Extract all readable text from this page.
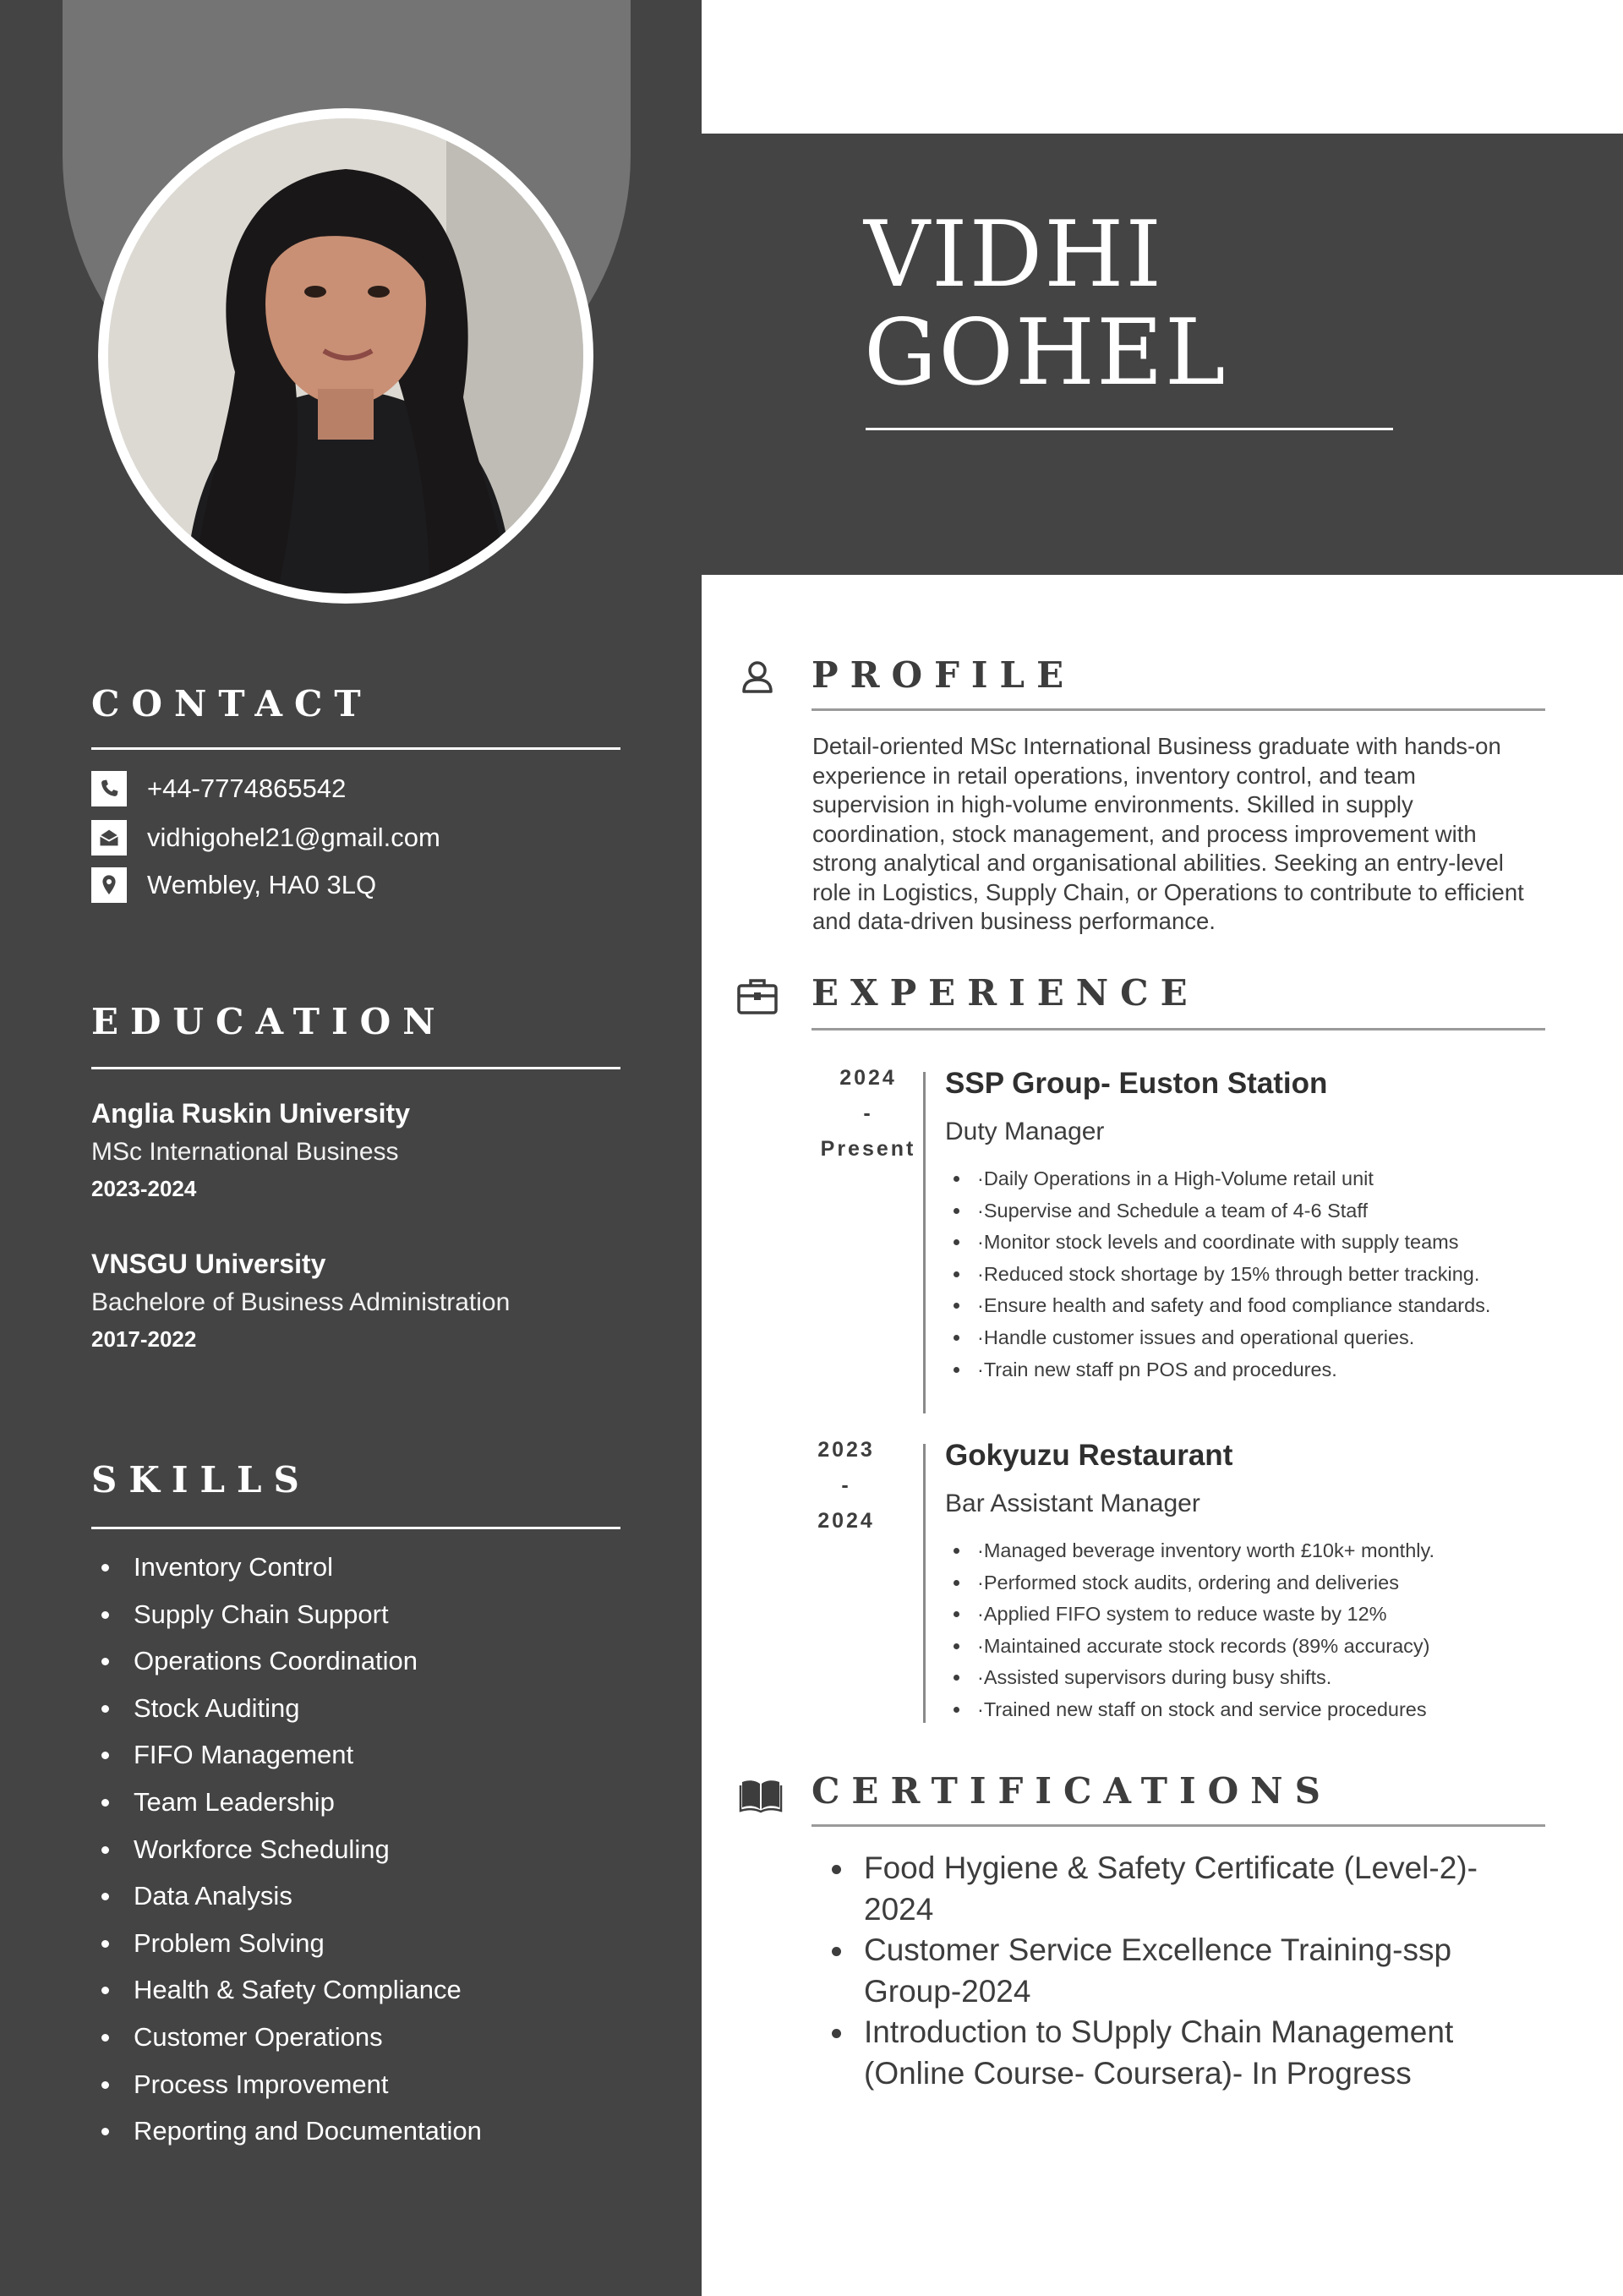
CONTACT
+44-7774865542
vidhigohel21@gmail.com
Wembley, HA0 3LQ
EDUCATION
Anglia Ruskin University
MSc International Business
2023-2024
VNSGU University
Bachelore of Business Administration
2017-2022
SKILLS
Inventory Control
Supply Chain Support
Operations Coordination
Stock Auditing
FIFO Management
Team Leadership
Workforce Scheduling
Data Analysis
Problem Solving
Health & Safety Compliance
Customer Operations
Process Improvement
Reporting and Documentation
VIDHI
GOHEL
PROFILE
Detail-oriented MSc International Business graduate with hands-on experience in retail operations, inventory control, and team supervision in high-volume environments. Skilled in supply coordination, stock management, and process improvement with strong analytical and organisational abilities. Seeking an entry-level role in Logistics, Supply Chain, or Operations to contribute to efficient and data-driven business performance.
EXPERIENCE
2024
-
Present
SSP Group- Euston Station
Duty Manager
·Daily Operations in a High-Volume retail unit
·Supervise and Schedule a team of 4-6 Staff
·Monitor stock levels and coordinate with supply teams
·Reduced stock shortage by 15% through better tracking.
·Ensure health and safety and food compliance standards.
·Handle customer issues and operational queries.
·Train new staff pn POS and procedures.
2023
-
2024
Gokyuzu Restaurant
Bar Assistant Manager
·Managed beverage inventory worth £10k+ monthly.
·Performed stock audits, ordering and deliveries
·Applied FIFO system to reduce waste by 12%
·Maintained accurate stock records (89% accuracy)
·Assisted supervisors during busy shifts.
·Trained new staff on stock and service procedures
CERTIFICATIONS
Food Hygiene & Safety Certificate (Level-2)- 2024
Customer Service Excellence Training-ssp Group-2024
Introduction to SUpply Chain Management (Online Course- Coursera)- In Progress
